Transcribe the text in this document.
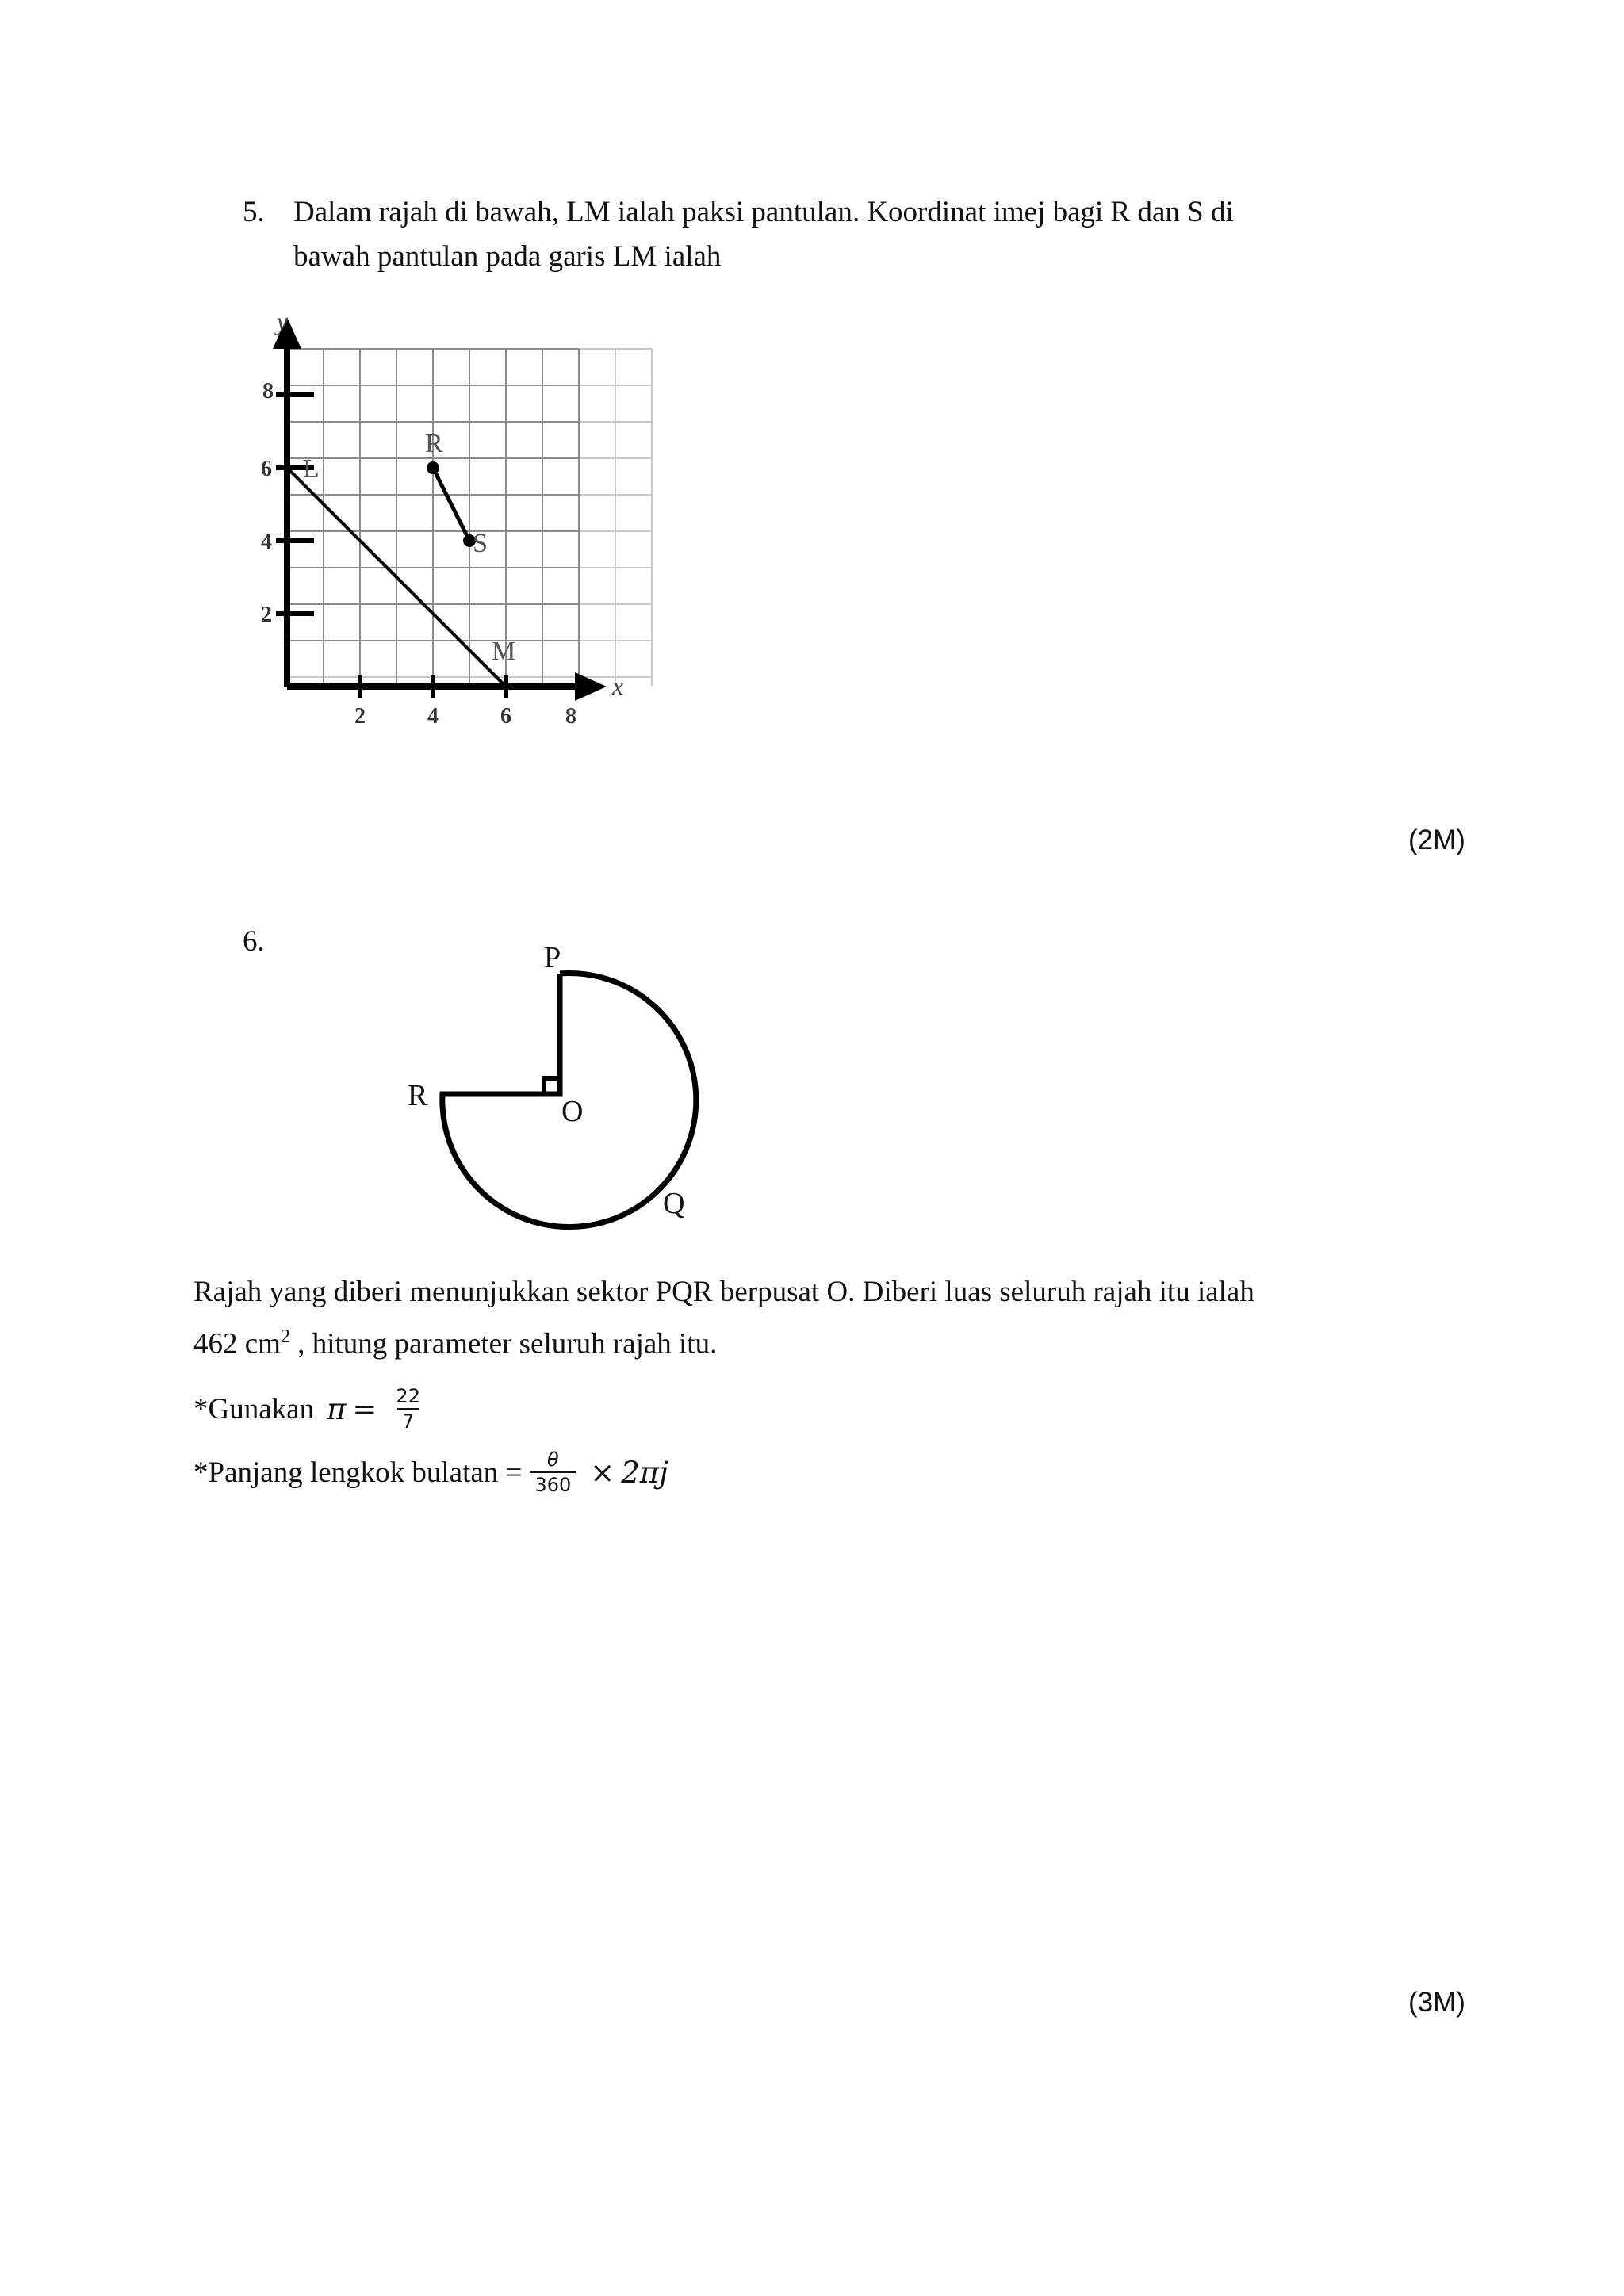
5. Dalam rajah di bawah, LM ialah paksi pantulan. Koordinat imej bagi R dan S di
bawah pantulan pada garis LM ialah
2	4	6 8
2
4
6
8
y
x
L
R
S
M
(2M)
6.	P
R	O
Q
Rajah yang diberi menunjukkan sektor PQR berpusat O. Diberi luas seluruh rajah itu ialah
462 $cm^2$ , hitung parameter seluruh rajah itu.
*Gunakan $\pi = \frac{22}{7}$
*Panjang lengkok bulatan = $\frac{\theta}{360} \times 2\pi j$
(3M)
